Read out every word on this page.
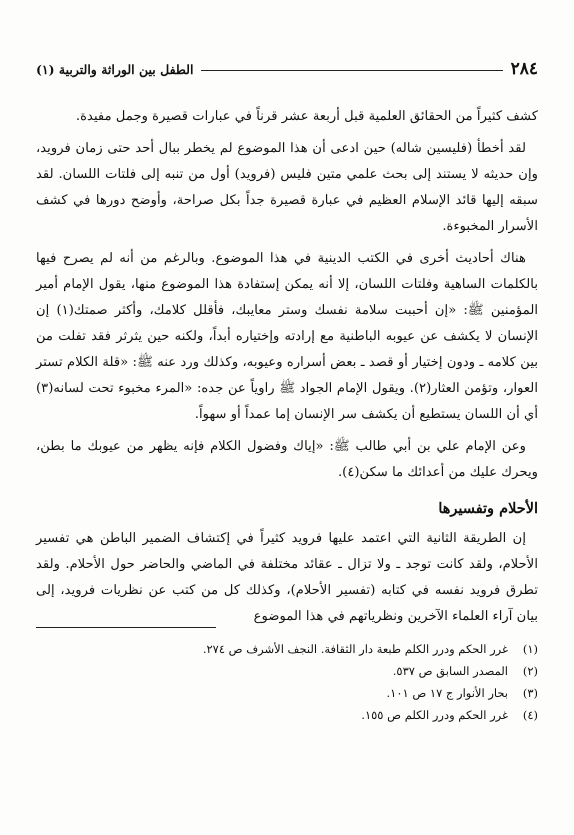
٢٨٤
الطفل بين الوراثة والتربية (١)

كشف كثيراً من الحقائق العلمية قبل أربعة عشر قرناً في عبارات قصيرة وجمل مفيدة.

لقد أخطأ (فليسين شاله) حين ادعى أن هذا الموضوع لم يخطر ببال أحد حتى زمان فرويد، وإن حديثه لا يستند إلى بحث علمي متين فليس (فرويد) أول من تنبه إلى فلتات اللسان. لقد سبقه إليها قائد الإسلام العظيم في عبارة قصيرة جداً بكل صراحة، وأوضح دورها في كشف الأسرار المخبوءة.

هناك أحاديث أخرى في الكتب الدينية في هذا الموضوع. وبالرغم من أنه لم يصرح فيها بالكلمات الساهية وفلتات اللسان، إلا أنه يمكن إستفادة هذا الموضوع منها، يقول الإمام أمير المؤمنين ﷺ: «إن أحببت سلامة نفسك وستر معايبك، فأقلل كلامك، وأكثر صمتك(١) إن الإنسان لا يكشف عن عيوبه الباطنية مع إرادته وإختياره أبداً، ولكنه حين يثرثر فقد تفلت من بين كلامه ـ ودون إختيار أو قصد ـ بعض أسراره وعيوبه، وكذلك ورد عنه ﷺ: «قلة الكلام تستر العوار، وتؤمن العثار(٢). ويقول الإمام الجواد ﷺ راوياً عن جده: «المرء مخبوء تحت لسانه(٣) أي أن اللسان يستطيع أن يكشف سر الإنسان إما عمداً أو سهواً.

وعن الإمام علي بن أبي طالب ﷺ: «إياك وفضول الكلام فإنه يظهر من عيوبك ما بطن، ويحرك عليك من أعدائك ما سكن(٤).

الأحلام وتفسيرها

إن الطريقة الثانية التي اعتمد عليها فرويد كثيراً في إكتشاف الضمير الباطن هي تفسير الأحلام، ولقد كانت توجد ـ ولا تزال ـ عقائد مختلفة في الماضي والحاضر حول الأحلام. ولقد تطرق فرويد نفسه في كتابه (تفسير الأحلام)، وكذلك كل من كتب عن نظريات فرويد، إلى بيان آراء العلماء الآخرين ونظرياتهم في هذا الموضوع

(١)
غرر الحكم ودرر الكلم طبعة دار الثقافة. النجف الأشرف ص ٢٧٤.
(٢)
المصدر السابق ص ٥٣٧.
(٣)
بحار الأنوار ج ١٧ ص ١٠١.
(٤)
غرر الحكم ودرر الكلم ص ١٥٥.
